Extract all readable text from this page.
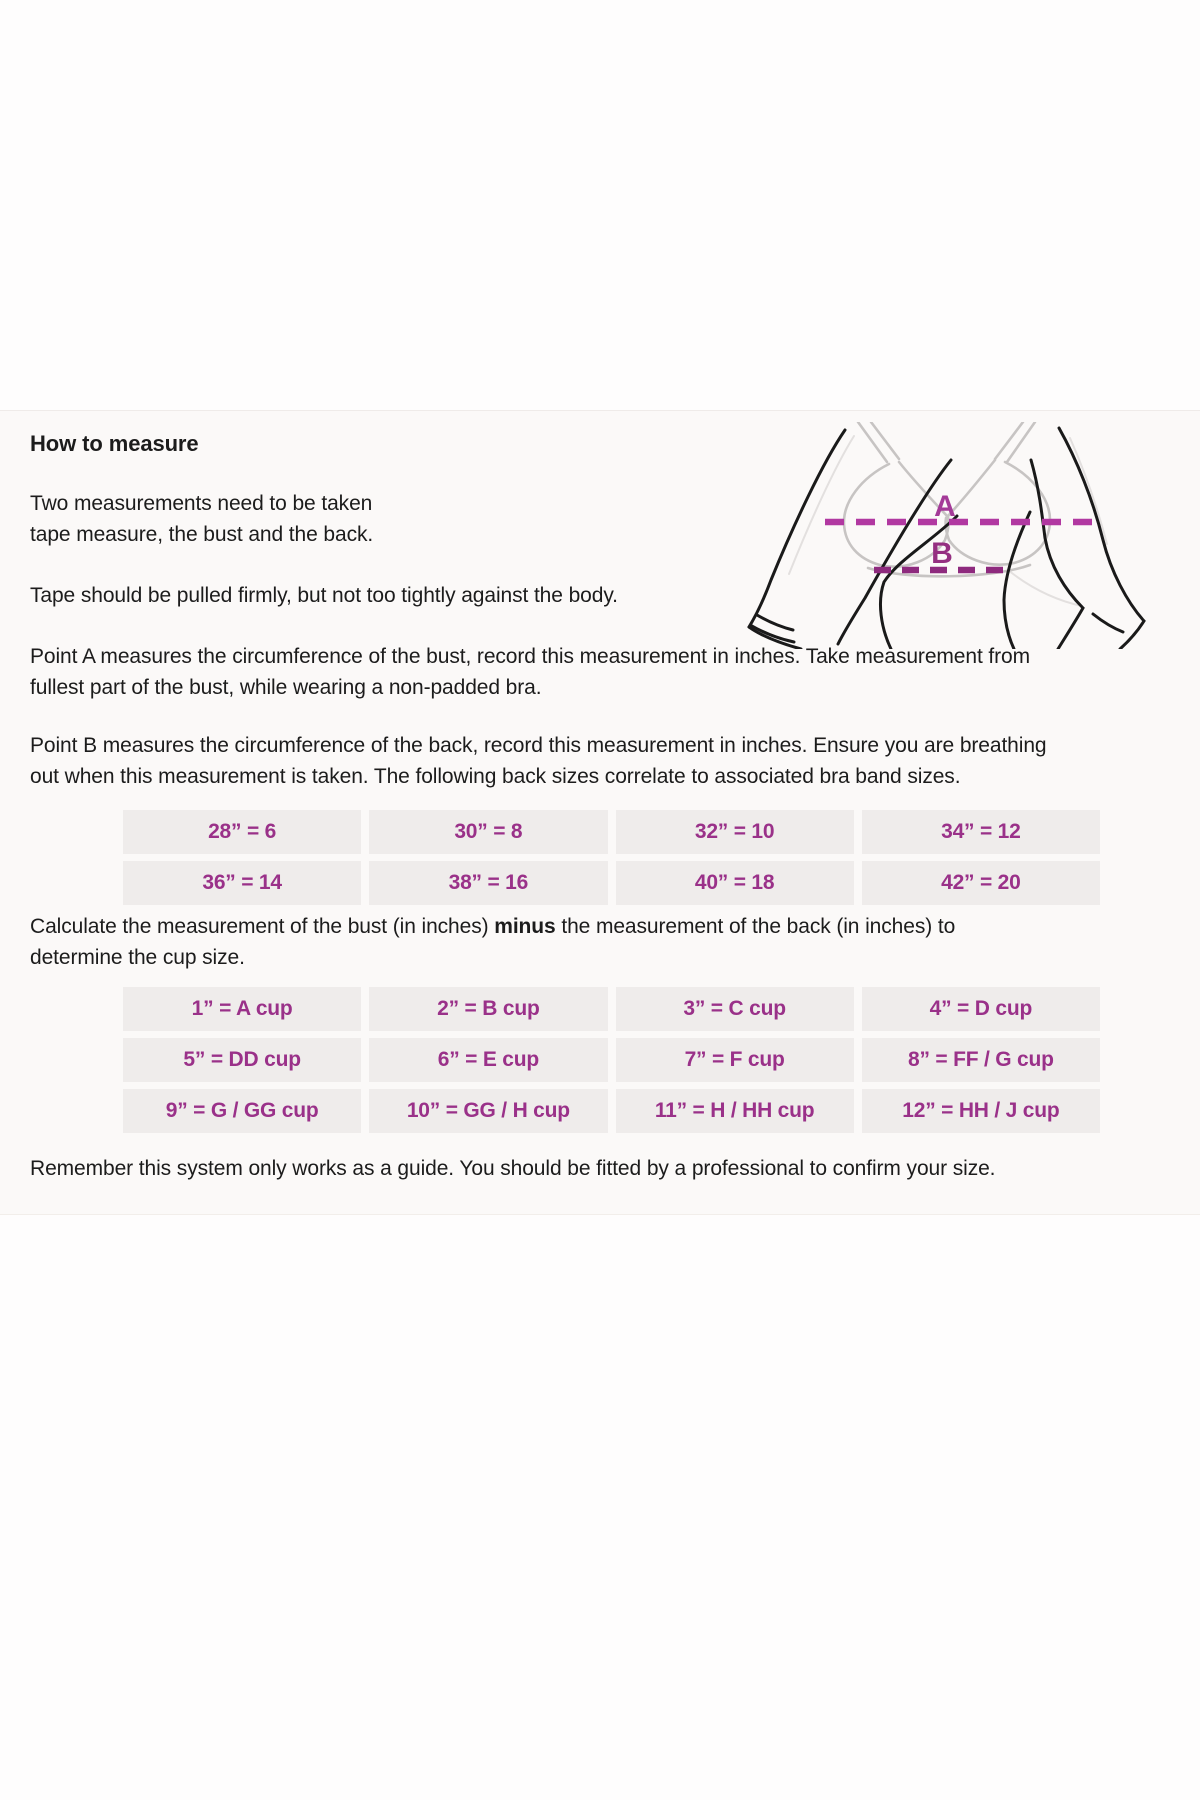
How to measure
Two measurements need to be taken
tape measure, the bust and the back.
Tape should be pulled firmly, but not too tightly against the body.
A
B
Point A measures the circumference of the bust, record this measurement in inches. Take measurement from
fullest part of the bust, while wearing a non-padded bra.
Point B measures the circumference of the back, record this measurement in inches. Ensure you are breathing
out when this measurement is taken. The following back sizes correlate to associated bra band sizes.
28” = 6	30” = 8	32” = 10	34” = 12
36” = 14	38” = 16	40” = 18	42” = 20
Calculate the measurement of the bust (in inches) minus the measurement of the back (in inches) to
determine the cup size.
1” = A cup	2” = B cup	3” = C cup	4” = D cup
5” = DD cup	6” = E cup	7” = F cup	8” = FF / G cup
9” = G / GG cup	10” = GG / H cup	11” = H / HH cup	12” = HH / J cup
Remember this system only works as a guide. You should be fitted by a professional to confirm your size.
